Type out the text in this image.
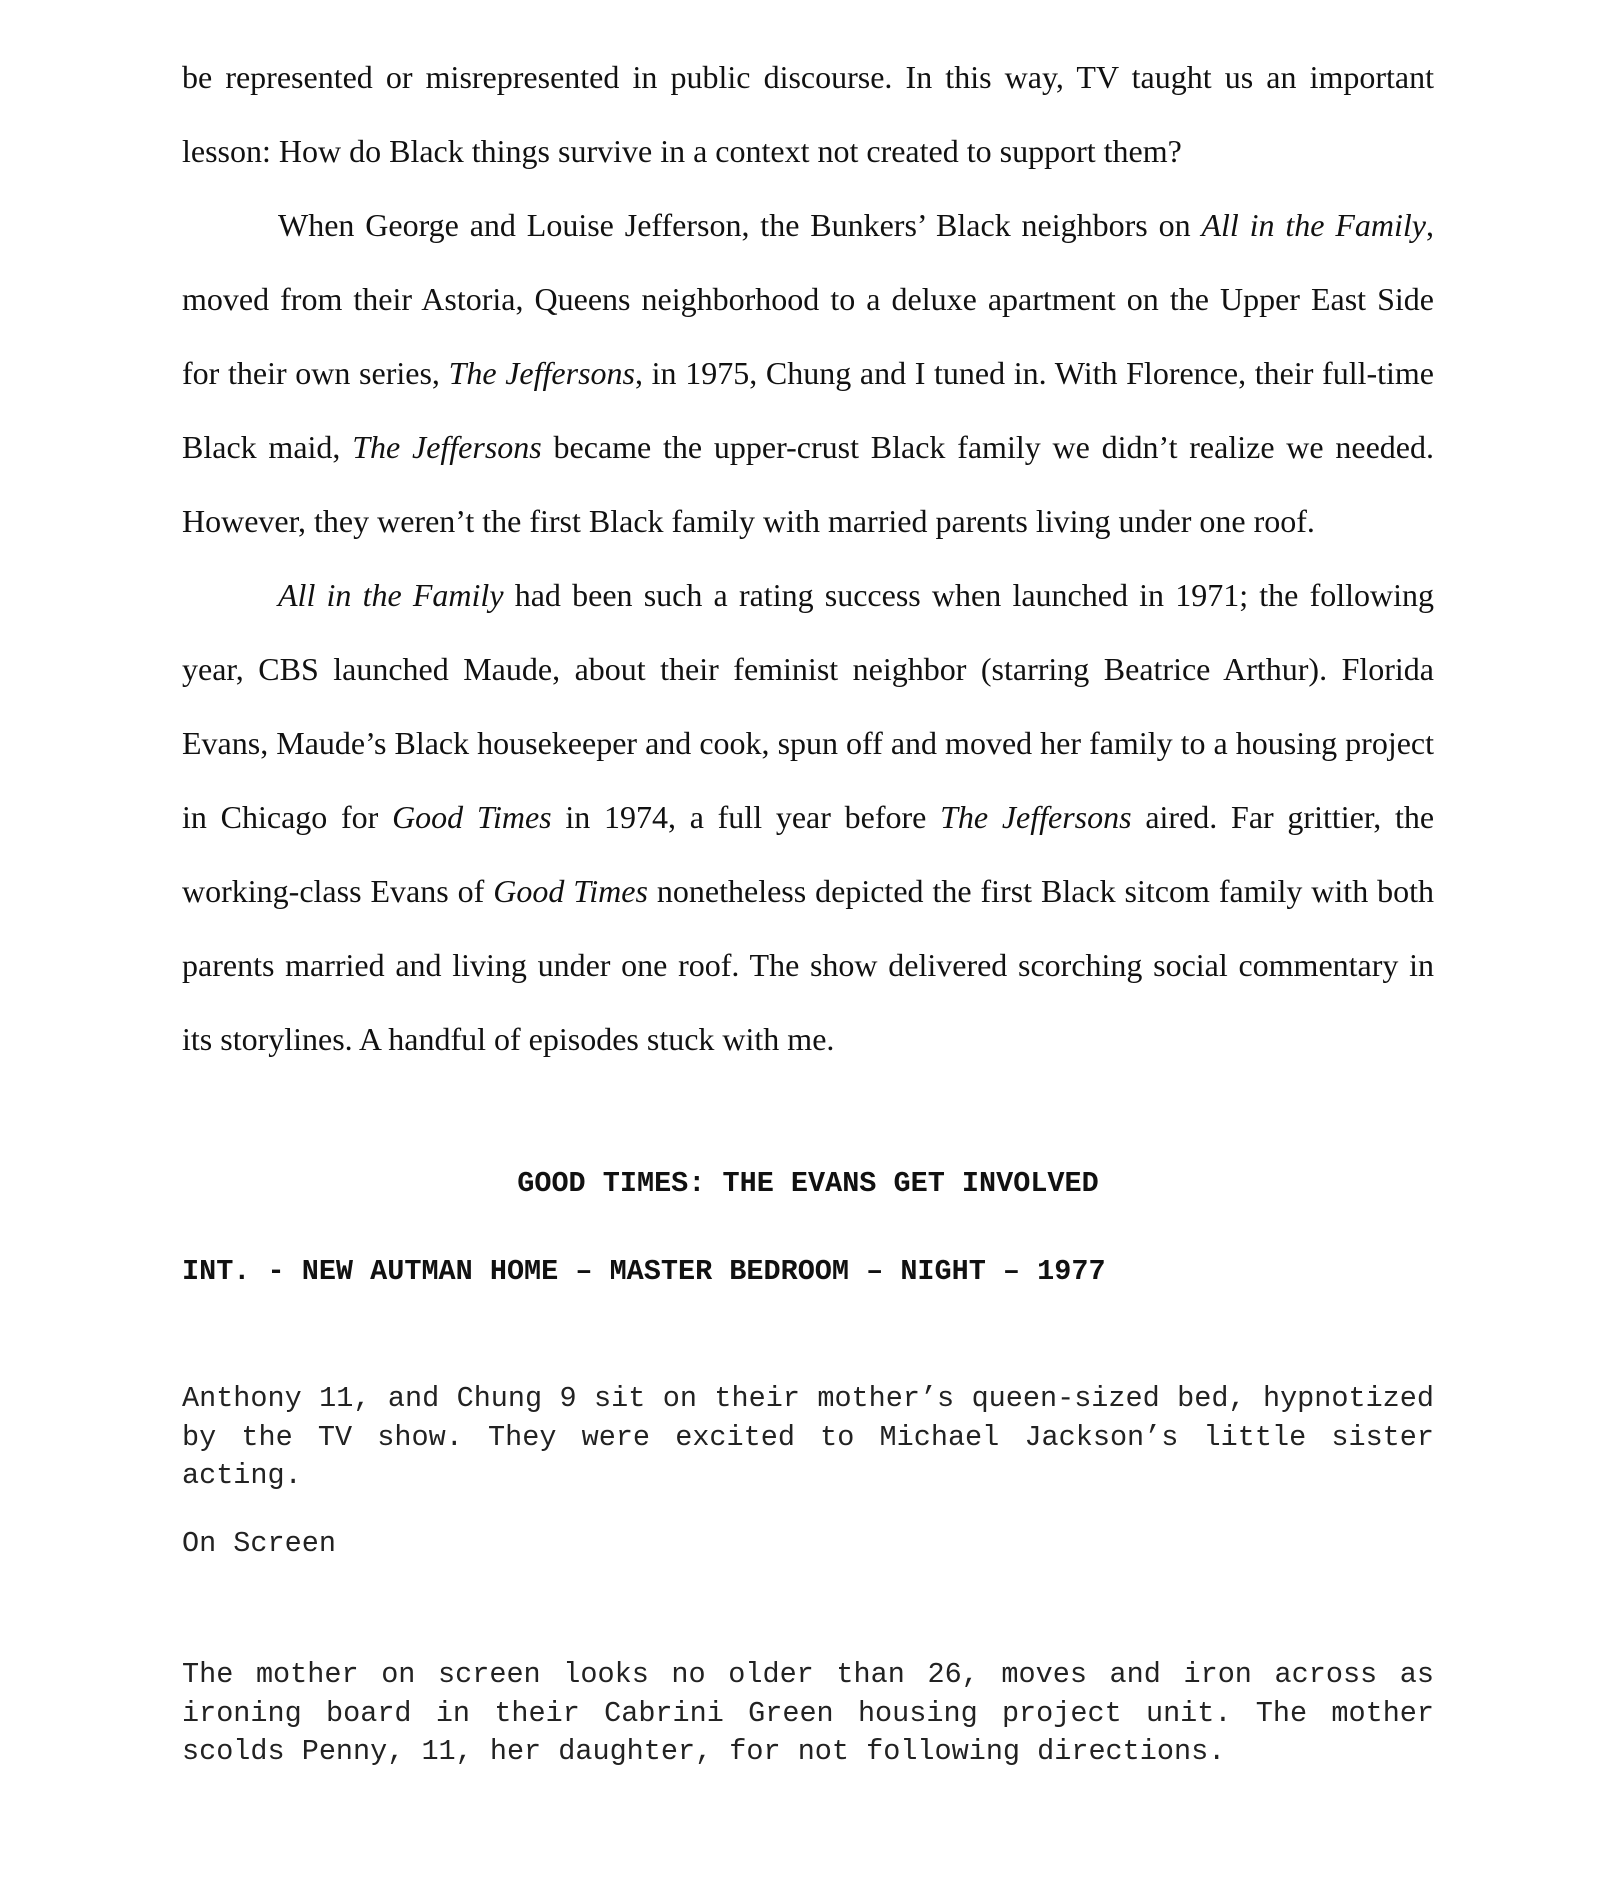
be represented or misrepresented in public discourse. In this way, TV taught us an important lesson: How do Black things survive in a context not created to support them?

When George and Louise Jefferson, the Bunkers’ Black neighbors on All in the Family, moved from their Astoria, Queens neighborhood to a deluxe apartment on the Upper East Side for their own series, The Jeffersons, in 1975, Chung and I tuned in. With Florence, their full-time Black maid, The Jeffersons became the upper-crust Black family we didn’t realize we needed. However, they weren’t the first Black family with married parents living under one roof.

All in the Family had been such a rating success when launched in 1971; the following year, CBS launched Maude, about their feminist neighbor (starring Beatrice Arthur). Florida Evans, Maude’s Black housekeeper and cook, spun off and moved her family to a housing project in Chicago for Good Times in 1974, a full year before The Jeffersons aired. Far grittier, the working-class Evans of Good Times nonetheless depicted the first Black sitcom family with both parents married and living under one roof. The show delivered scorching social commentary in its storylines. A handful of episodes stuck with me.

GOOD TIMES: THE EVANS GET INVOLVED
INT. - NEW AUTMAN HOME – MASTER BEDROOM – NIGHT – 1977

Anthony 11, and Chung 9 sit on their mother’s queen-sized bed, hypnotized by the TV show. They were excited to Michael Jackson’s little sister acting.

On Screen

The mother on screen looks no older than 26, moves and iron across as ironing board in their Cabrini Green housing project unit. The mother scolds Penny, 11, her daughter, for not following directions.
